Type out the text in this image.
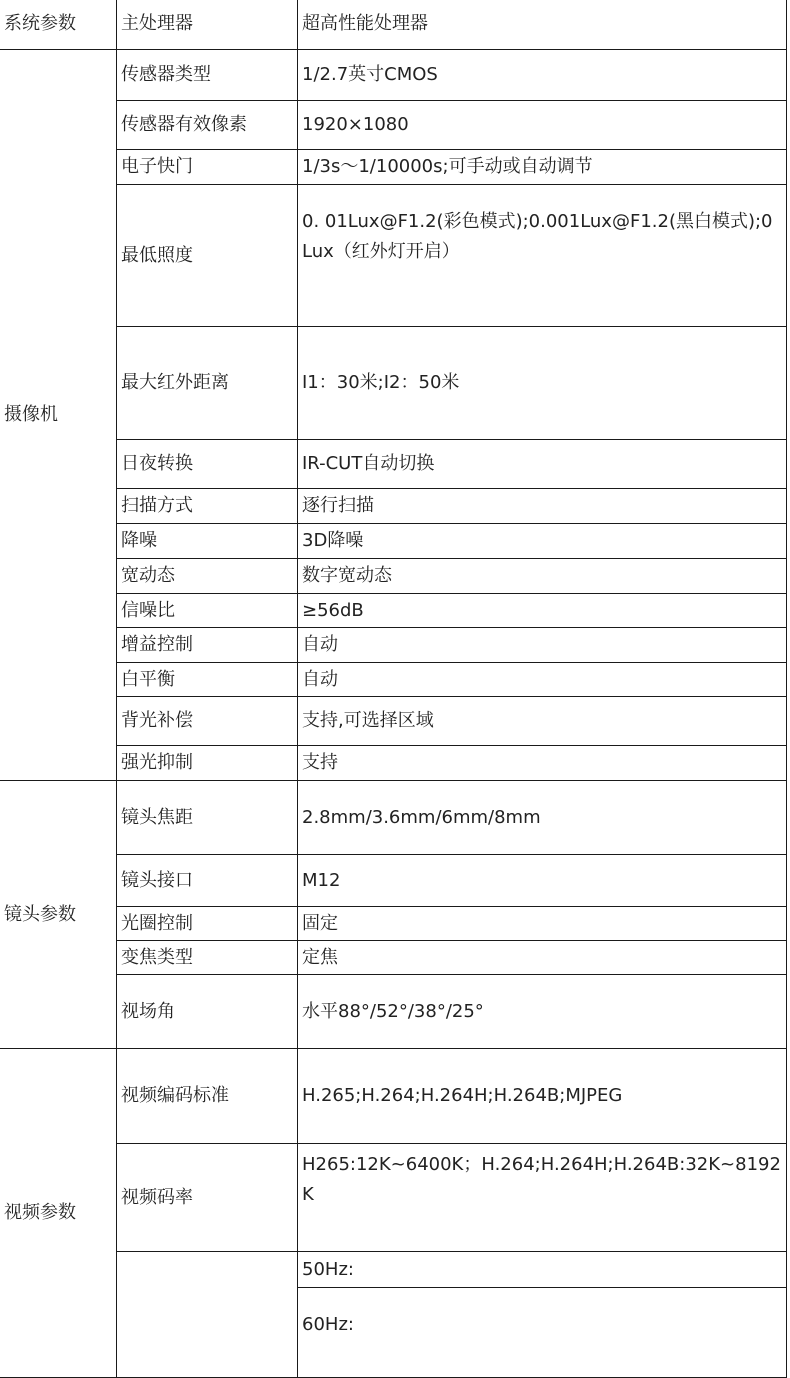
系统参数	主处理器	超高性能处理器
摄像机	传感器类型	1/2.7英寸CMOS
	传感器有效像素	1920×1080
	电子快门	1/3s～1/10000s;可手动或自动调节
	最低照度	0. 01Lux@F1.2(彩色模式);0.001Lux@F1.2(黑白模式);0Lux（红外灯开启）
	最大红外距离	I1：30米;I2：50米
	日夜转换	IR-CUT自动切换
	扫描方式	逐行扫描
	降噪	3D降噪
	宽动态	数字宽动态
	信噪比	≥56dB
	增益控制	自动
	白平衡	自动
	背光补偿	支持,可选择区域
	强光抑制	支持
镜头参数	镜头焦距	2.8mm/3.6mm/6mm/8mm
	镜头接口	M12
	光圈控制	固定
	变焦类型	定焦
	视场角	水平88°/52°/38°/25°
视频参数	视频编码标准	H.265;H.264;H.264H;H.264B;MJPEG
	视频码率	H265:12K~6400K；H.264;H.264H;H.264B:32K~8192K
		50Hz:
		60Hz:
